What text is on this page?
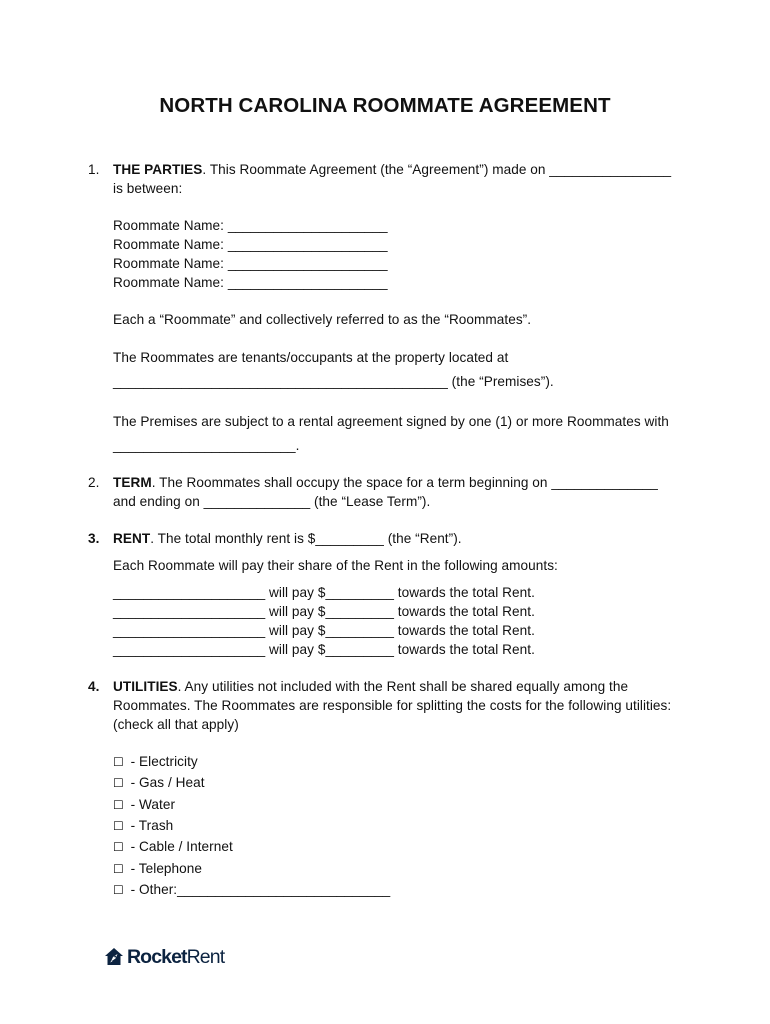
NORTH CAROLINA ROOMMATE AGREEMENT
1. THE PARTIES. This Roommate Agreement (the “Agreement”) made on ________________
is between:
Roommate Name: _____________________
Roommate Name: _____________________
Roommate Name: _____________________
Roommate Name: _____________________
Each a “Roommate” and collectively referred to as the “Roommates”.
The Roommates are tenants/occupants at the property located at
____________________________________________ (the “Premises”).
The Premises are subject to a rental agreement signed by one (1) or more Roommates with
________________________.
2. TERM. The Roommates shall occupy the space for a term beginning on ______________
and ending on ______________ (the “Lease Term”).
3. RENT. The total monthly rent is $_________ (the “Rent”).
Each Roommate will pay their share of the Rent in the following amounts:
____________________ will pay $_________ towards the total Rent.
____________________ will pay $_________ towards the total Rent.
____________________ will pay $_________ towards the total Rent.
____________________ will pay $_________ towards the total Rent.
4. UTILITIES. Any utilities not included with the Rent shall be shared equally among the
Roommates. The Roommates are responsible for splitting the costs for the following utilities:
(check all that apply)
☐ - Electricity
☐ - Gas / Heat
☐ - Water
☐ - Trash
☐ - Cable / Internet
☐ - Telephone
☐ - Other:____________________________
RocketRent
